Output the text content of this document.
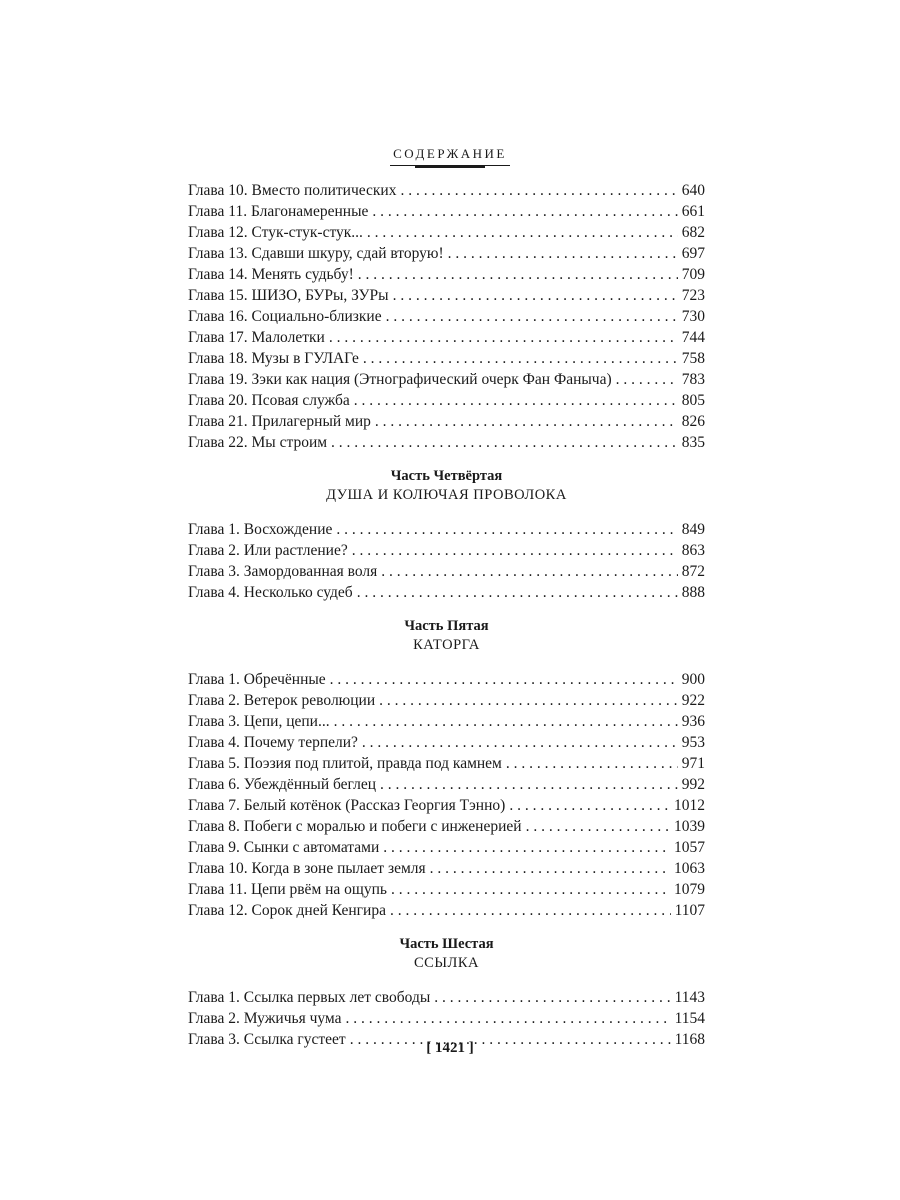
СОДЕРЖАНИЕ
Глава 10. Вместо политических . . .	640
Глава 11. Благонамеренные . . .	661
Глава 12. Стук-стук-стук... . . .	682
Глава 13. Сдавши шкуру, сдай вторую! . . .	697
Глава 14. Менять судьбу! . . .	709
Глава 15. ШИЗО, БУРы, ЗУРы . . .	723
Глава 16. Социально-близкие . . .	730
Глава 17. Малолетки . . .	744
Глава 18. Музы в ГУЛАГе . . .	758
Глава 19. Зэки как нация (Этнографический очерк Фан Фаныча) . . .	783
Глава 20. Псовая служба . . .	805
Глава 21. Прилагерный мир . . .	826
Глава 22. Мы строим . . .	835
Часть Четвёртая
ДУША И КОЛЮЧАЯ ПРОВОЛОКА
Глава 1. Восхождение . . .	849
Глава 2. Или растление? . . .	863
Глава 3. Замордованная воля . . .	872
Глава 4. Несколько судеб . . .	888
Часть Пятая
КАТОРГА
Глава 1. Обречённые . . .	900
Глава 2. Ветерок революции . . .	922
Глава 3. Цепи, цепи... . . .	936
Глава 4. Почему терпели? . . .	953
Глава 5. Поэзия под плитой, правда под камнем . . .	971
Глава 6. Убеждённый беглец . . .	992
Глава 7. Белый котёнок (Рассказ Георгия Тэнно) . . .	1012
Глава 8. Побеги с моралью и побеги с инженерией . . .	1039
Глава 9. Сынки с автоматами . . .	1057
Глава 10. Когда в зоне пылает земля . . .	1063
Глава 11. Цепи рвём на ощупь . . .	1079
Глава 12. Сорок дней Кенгира . . .	1107
Часть Шестая
ССЫЛКА
Глава 1. Ссылка первых лет свободы . . .	1143
Глава 2. Мужичья чума . . .	1154
Глава 3. Ссылка густеет . . .	1168
[ 1421 ]
